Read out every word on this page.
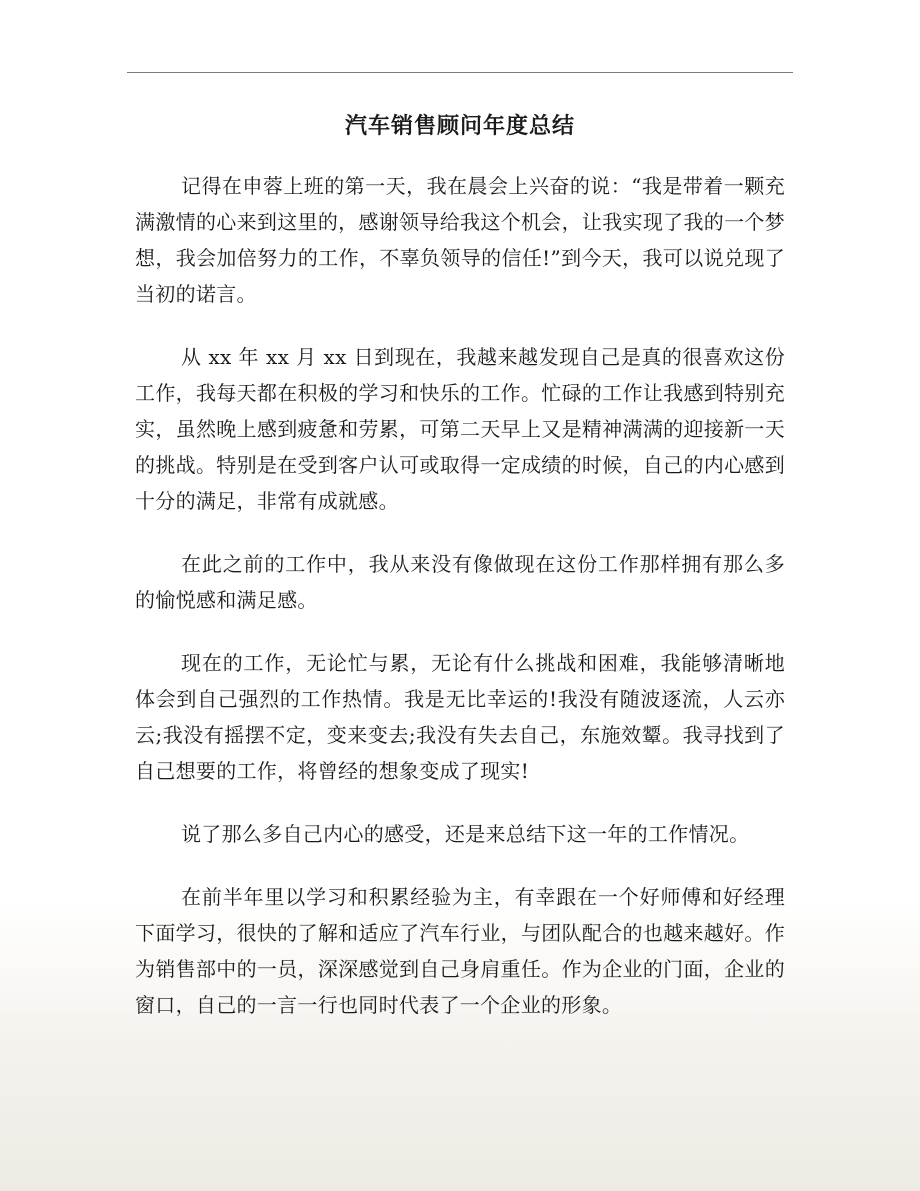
汽车销售顾问年度总结

记得在申蓉上班的第一天，我在晨会上兴奋的说：“我是带着一颗充满激情的心来到这里的，感谢领导给我这个机会，让我实现了我的一个梦想，我会加倍努力的工作，不辜负领导的信任!”到今天，我可以说兑现了当初的诺言。

从 xx 年 xx 月 xx 日到现在，我越来越发现自己是真的很喜欢这份工作，我每天都在积极的学习和快乐的工作。忙碌的工作让我感到特别充实，虽然晚上感到疲惫和劳累，可第二天早上又是精神满满的迎接新一天的挑战。特别是在受到客户认可或取得一定成绩的时候，自己的内心感到十分的满足，非常有成就感。

在此之前的工作中，我从来没有像做现在这份工作那样拥有那么多的愉悦感和满足感。

现在的工作，无论忙与累，无论有什么挑战和困难，我能够清晰地体会到自己强烈的工作热情。我是无比幸运的!我没有随波逐流，人云亦云;我没有摇摆不定，变来变去;我没有失去自己，东施效颦。我寻找到了自己想要的工作，将曾经的想象变成了现实!

说了那么多自己内心的感受，还是来总结下这一年的工作情况。

在前半年里以学习和积累经验为主，有幸跟在一个好师傅和好经理下面学习，很快的了解和适应了汽车行业，与团队配合的也越来越好。作为销售部中的一员，深深感觉到自己身肩重任。作为企业的门面，企业的窗口，自己的一言一行也同时代表了一个企业的形象。
